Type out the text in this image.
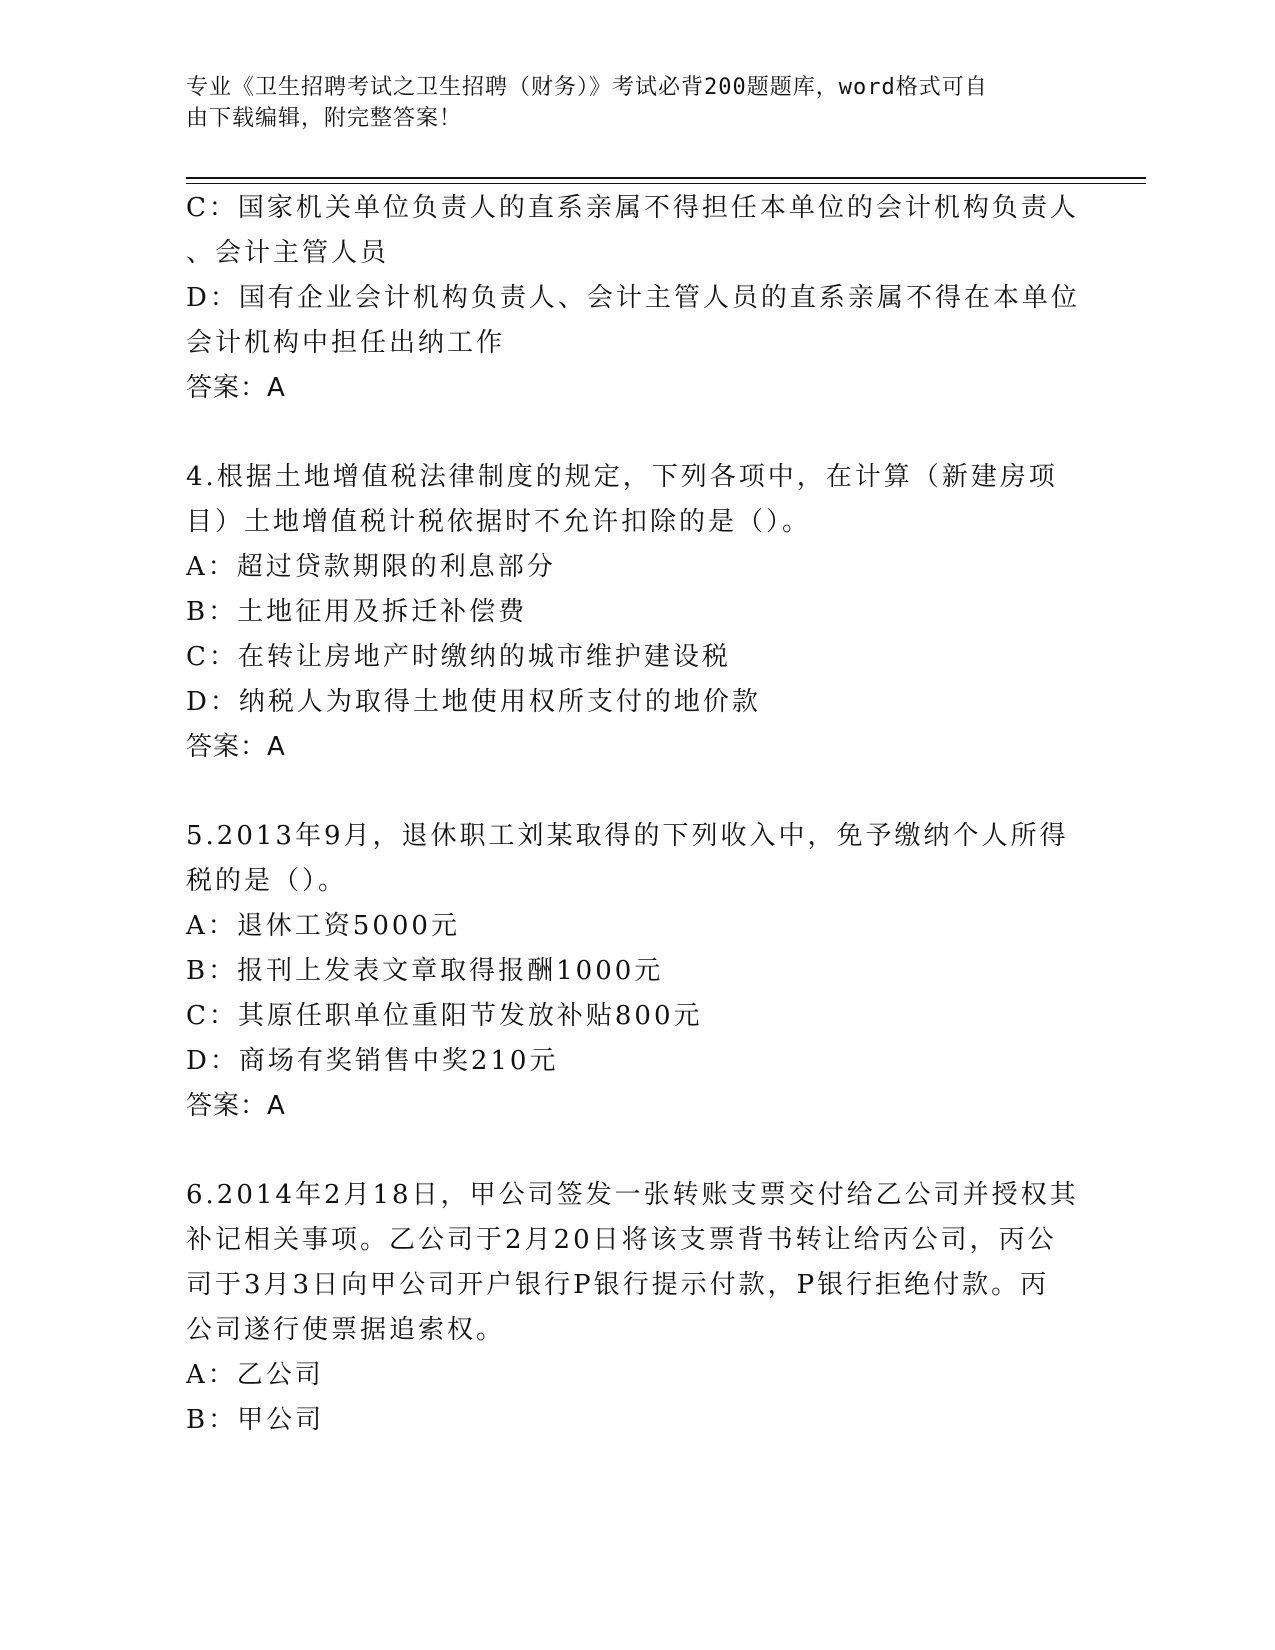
专业《卫生招聘考试之卫生招聘（财务）》考试必背200题题库，word格式可自
由下载编辑，附完整答案！
C：国家机关单位负责人的直系亲属不得担任本单位的会计机构负责人
、会计主管人员
D：国有企业会计机构负责人、会计主管人员的直系亲属不得在本单位
会计机构中担任出纳工作
答案：A
4.根据土地增值税法律制度的规定，下列各项中，在计算（新建房项
目）土地增值税计税依据时不允许扣除的是（）。
A：超过贷款期限的利息部分
B：土地征用及拆迁补偿费
C：在转让房地产时缴纳的城市维护建设税
D：纳税人为取得土地使用权所支付的地价款
答案：A
5.2013年9月，退休职工刘某取得的下列收入中，免予缴纳个人所得
税的是（）。
A：退休工资5000元
B：报刊上发表文章取得报酬1000元
C：其原任职单位重阳节发放补贴800元
D：商场有奖销售中奖210元
答案：A
6.2014年2月18日，甲公司签发一张转账支票交付给乙公司并授权其
补记相关事项。乙公司于2月20日将该支票背书转让给丙公司，丙公
司于3月3日向甲公司开户银行P银行提示付款，P银行拒绝付款。丙
公司遂行使票据追索权。
A：乙公司
B：甲公司
